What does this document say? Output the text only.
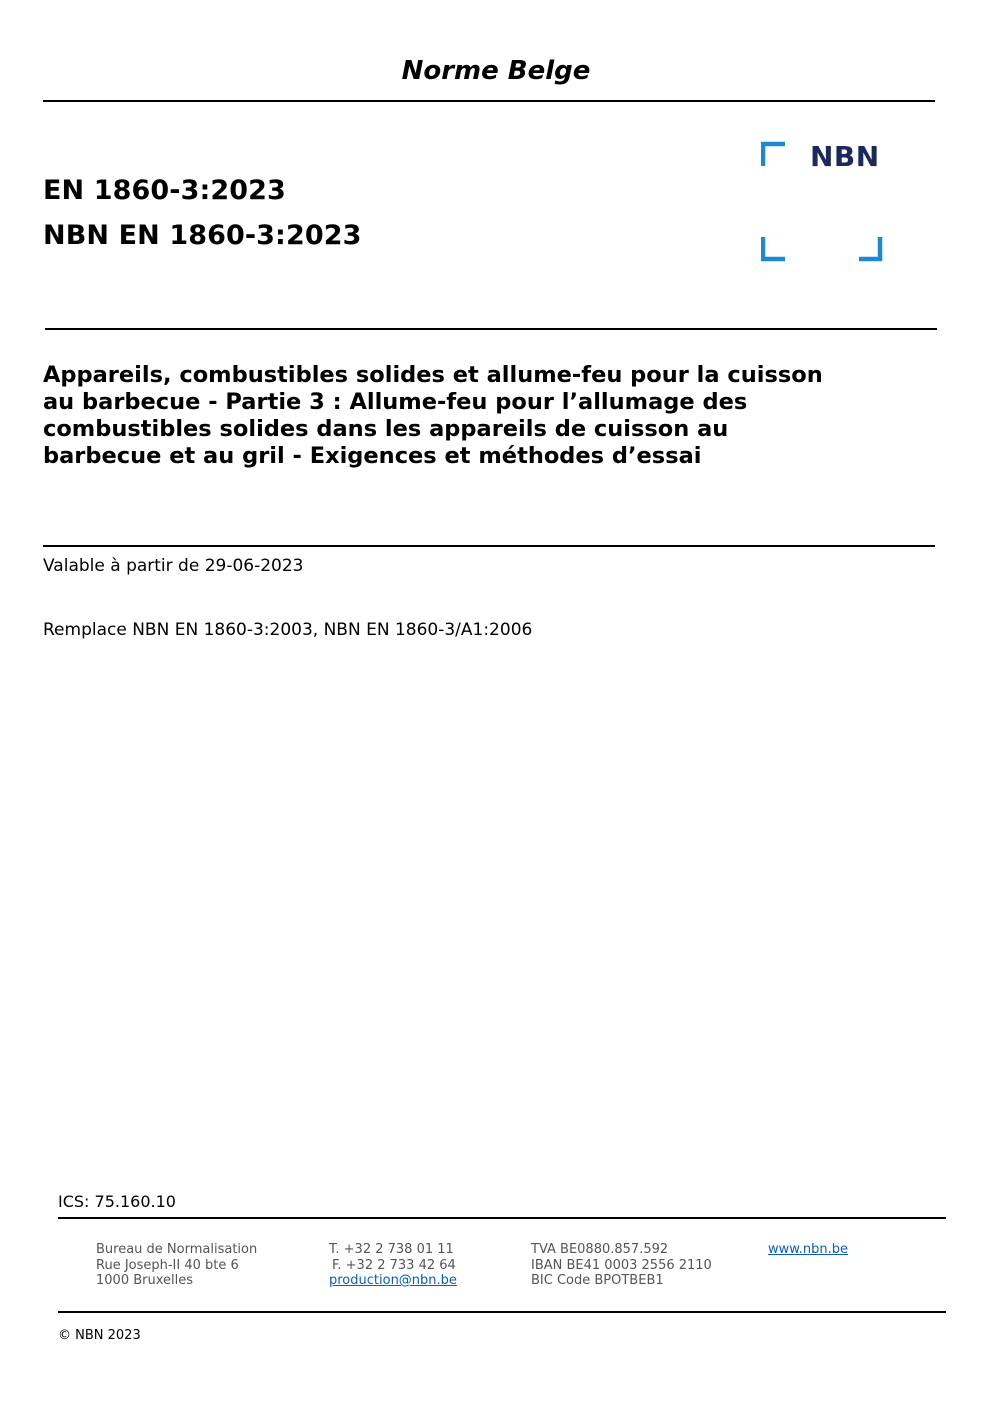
Norme Belge
EN 1860-3:2023
NBN EN 1860-3:2023
NBN
Appareils, combustibles solides et allume-feu pour la cuisson
au barbecue - Partie 3 : Allume-feu pour l’allumage des
combustibles solides dans les appareils de cuisson au
barbecue et au gril - Exigences et méthodes d’essai
Valable à partir de 29-06-2023
Remplace NBN EN 1860-3:2003, NBN EN 1860-3/A1:2006
ICS: 75.160.10
Bureau de Normalisation
Rue Joseph-II 40 bte 6
1000 Bruxelles
T. +32 2 738 01 11
F. +32 2 733 42 64
production@nbn.be
TVA BE0880.857.592
IBAN BE41 0003 2556 2110
BIC Code BPOTBEB1
www.nbn.be
© NBN 2023
